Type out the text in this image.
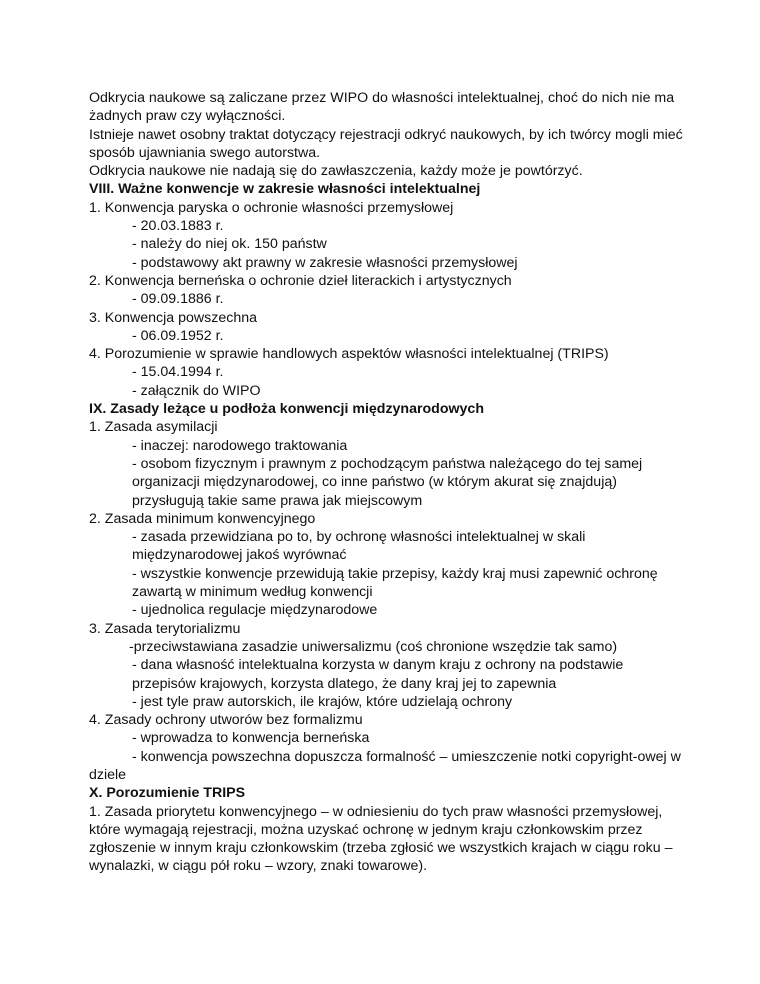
Odkrycia naukowe są zaliczane przez WIPO do własności intelektualnej, choć do nich nie ma
żadnych praw czy wyłączności.
Istnieje nawet osobny traktat dotyczący rejestracji odkryć naukowych, by ich twórcy mogli mieć
sposób ujawniania swego autorstwa.
Odkrycia naukowe nie nadają się do zawłaszczenia, każdy może je powtórzyć.
VIII. Ważne konwencje w zakresie własności intelektualnej
1. Konwencja paryska o ochronie własności przemysłowej
- 20.03.1883 r.
- należy do niej ok. 150 państw
- podstawowy akt prawny w zakresie własności przemysłowej
2. Konwencja berneńska o ochronie dzieł literackich i artystycznych
- 09.09.1886 r.
3. Konwencja powszechna
- 06.09.1952 r.
4. Porozumienie w sprawie handlowych aspektów własności intelektualnej (TRIPS)
- 15.04.1994 r.
- załącznik do WIPO
IX. Zasady leżące u podłoża konwencji międzynarodowych
1. Zasada asymilacji
- inaczej: narodowego traktowania
- osobom fizycznym i prawnym z pochodzącym państwa należącego do tej samej
organizacji międzynarodowej, co inne państwo (w którym akurat się znajdują)
przysługują takie same prawa jak miejscowym
2. Zasada minimum konwencyjnego
- zasada przewidziana po to, by ochronę własności intelektualnej w skali
międzynarodowej jakoś wyrównać
- wszystkie konwencje przewidują takie przepisy, każdy kraj musi zapewnić ochronę
zawartą w minimum według konwencji
- ujednolica regulacje międzynarodowe
3. Zasada terytorializmu
-przeciwstawiana zasadzie uniwersalizmu (coś chronione wszędzie tak samo)
- dana własność intelektualna korzysta w danym kraju z ochrony na podstawie
przepisów krajowych, korzysta dlatego, że dany kraj jej to zapewnia
- jest tyle praw autorskich, ile krajów, które udzielają ochrony
4. Zasady ochrony utworów bez formalizmu
- wprowadza to konwencja berneńska
- konwencja powszechna dopuszcza formalność – umieszczenie notki copyright-owej w
dziele
X. Porozumienie TRIPS
1. Zasada priorytetu konwencyjnego – w odniesieniu do tych praw własności przemysłowej,
które wymagają rejestracji, można uzyskać ochronę w jednym kraju członkowskim przez
zgłoszenie w innym kraju członkowskim (trzeba zgłosić we wszystkich krajach w ciągu roku –
wynalazki, w ciągu pół roku – wzory, znaki towarowe).
